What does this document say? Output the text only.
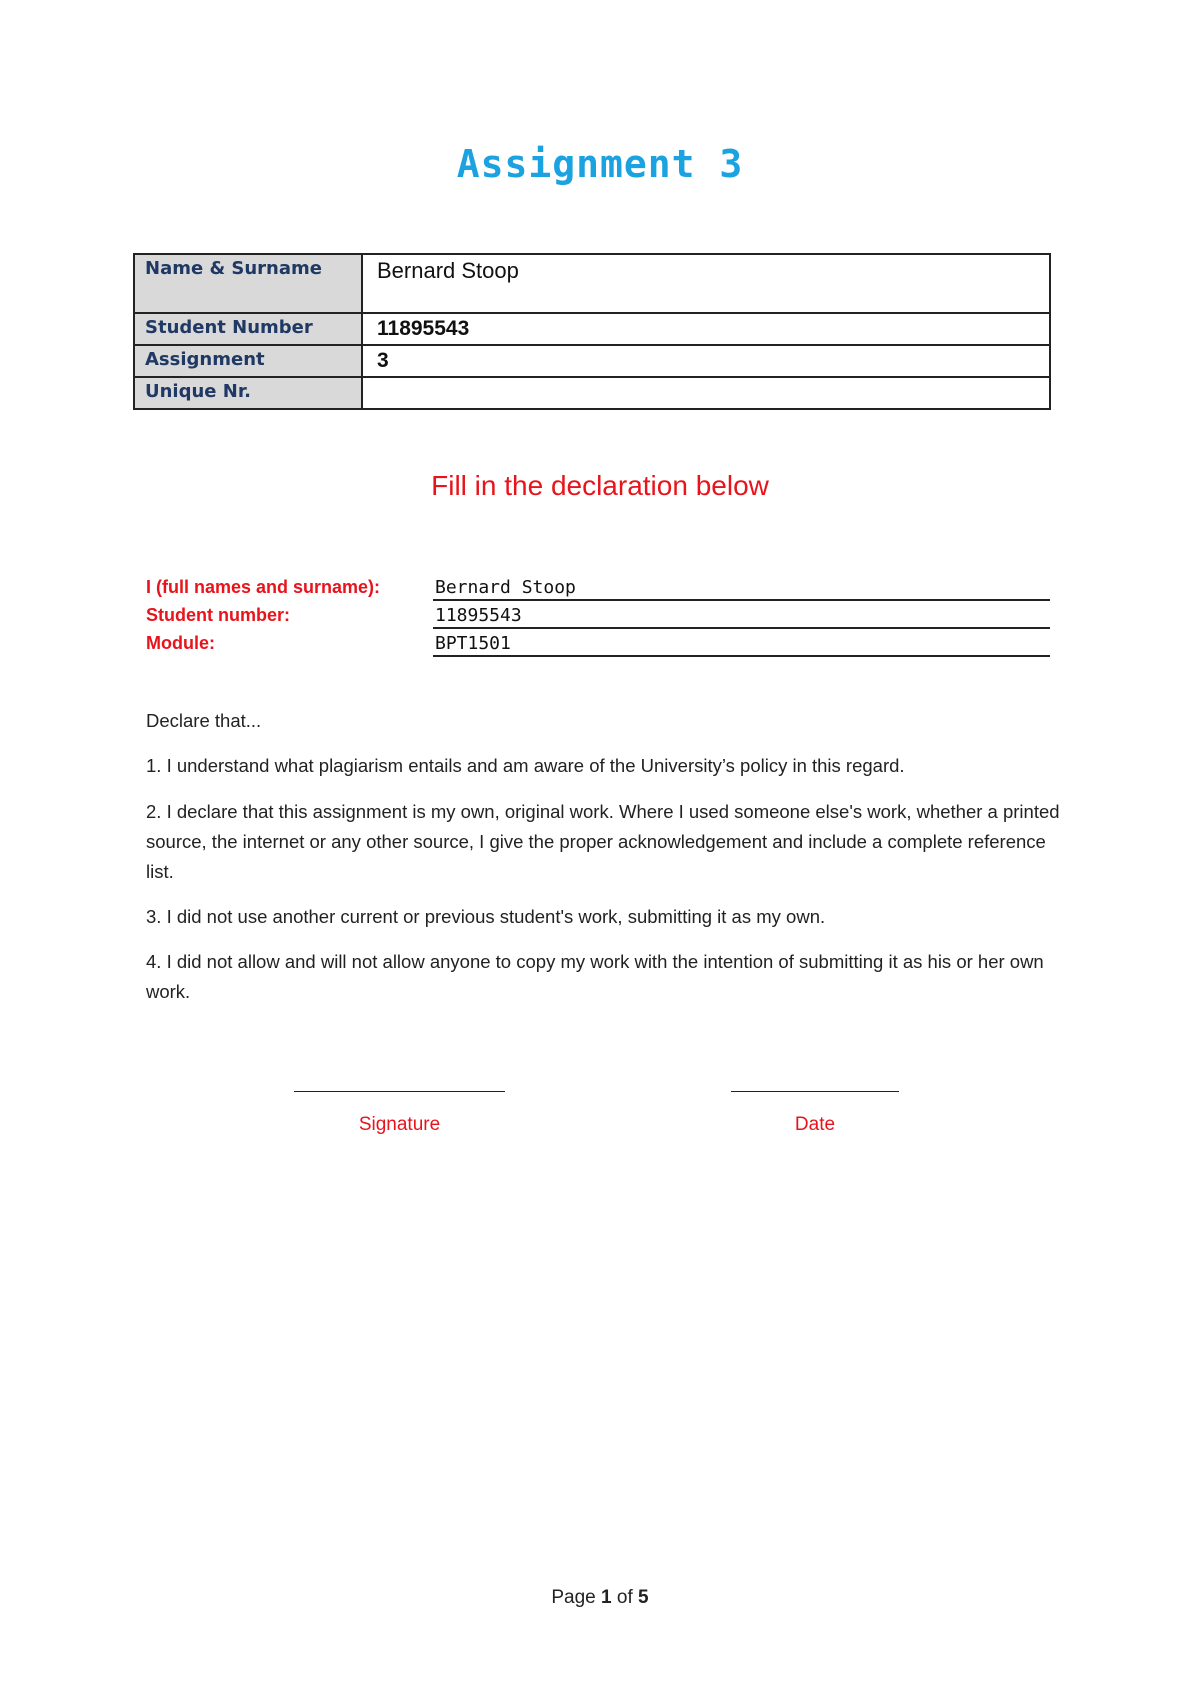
Assignment 3
Name & Surname	Bernard Stoop
Student Number	11895543
Assignment	3
Unique Nr.	
Fill in the declaration below
I (full names and surname):	Bernard Stoop
Student number:	11895543
Module:	BPT1501
Declare that...
1. I understand what plagiarism entails and am aware of the University’s policy in this regard.
2. I declare that this assignment is my own, original work. Where I used someone else's work, whether a printed source, the internet or any other source, I give the proper acknowledgement and include a complete reference list.
3. I did not use another current or previous student's work, submitting it as my own.
4. I did not allow and will not allow anyone to copy my work with the intention of submitting it as his or her own work.
Signature	Date
Page 1 of 5
